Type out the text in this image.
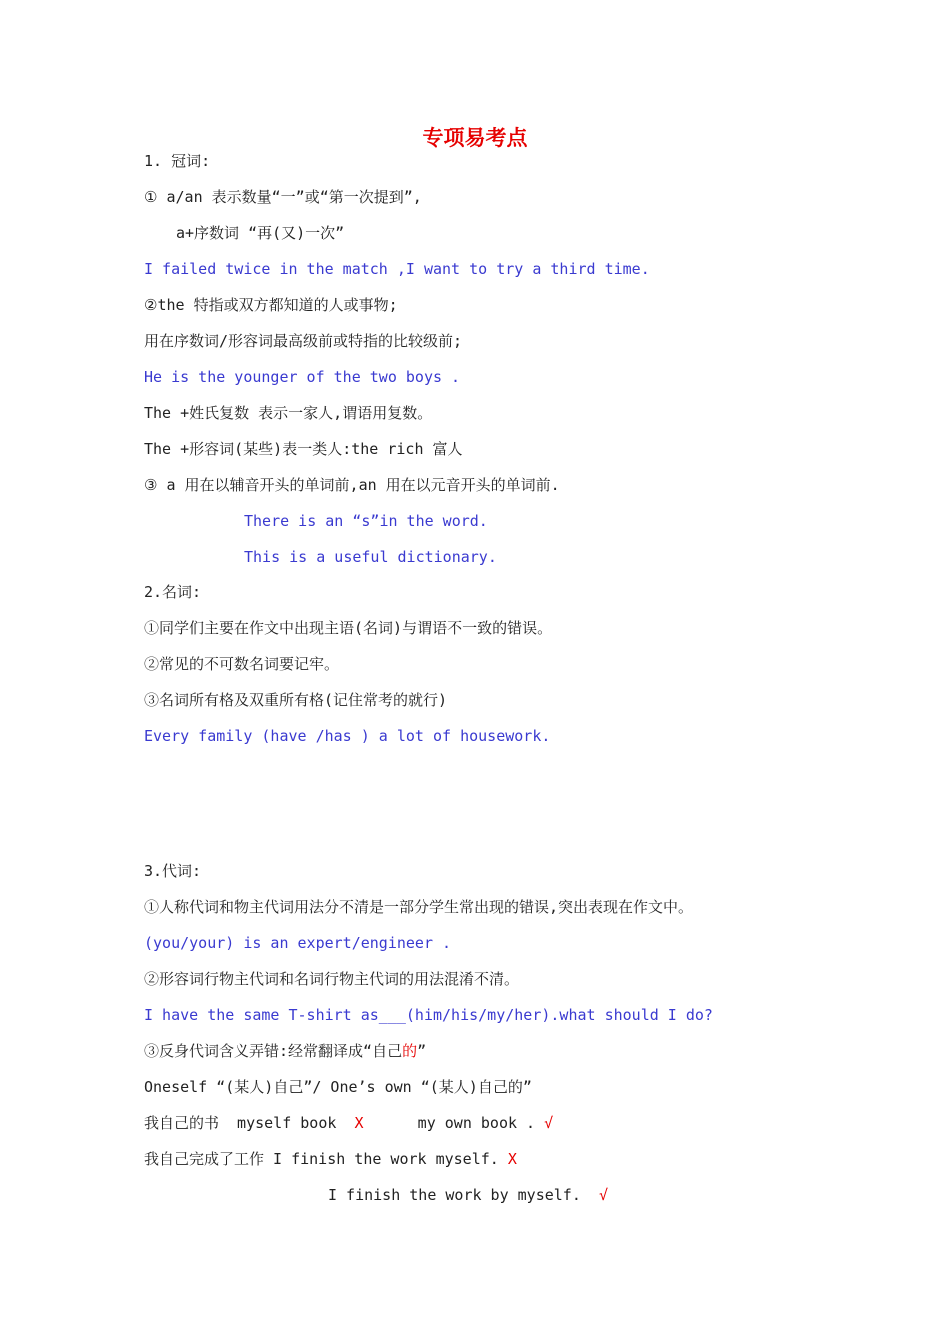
专项易考点
1. 冠词:
① a/an 表示数量“一”或“第一次提到”,
a+序数词 “再(又)一次”
I failed twice in the match ,I want to try a third time.
②the 特指或双方都知道的人或事物;
用在序数词/形容词最高级前或特指的比较级前;
He is the younger of the two boys .
The +姓氏复数 表示一家人,谓语用复数。
The +形容词(某些)表一类人:the rich 富人
③ a 用在以辅音开头的单词前,an 用在以元音开头的单词前.
There is an “s”in the word.
This is a useful dictionary.
2.名词:
①同学们主要在作文中出现主语(名词)与谓语不一致的错误。
②常见的不可数名词要记牢。
③名词所有格及双重所有格(记住常考的就行)
Every family (have /has ) a lot of housework.
3.代词:
①人称代词和物主代词用法分不清是一部分学生常出现的错误,突出表现在作文中。
(you/your) is an expert/engineer .
②形容词行物主代词和名词行物主代词的用法混淆不清。
I have the same T-shirt as___(him/his/my/her).what should I do?
③反身代词含义弄错:经常翻译成“自己的”
Oneself “(某人)自己”/ One’s own “(某人)自己的”
我自己的书  myself book  X      my own book . √
我自己完成了工作 I finish the work myself. X
I finish the work by myself.  √
